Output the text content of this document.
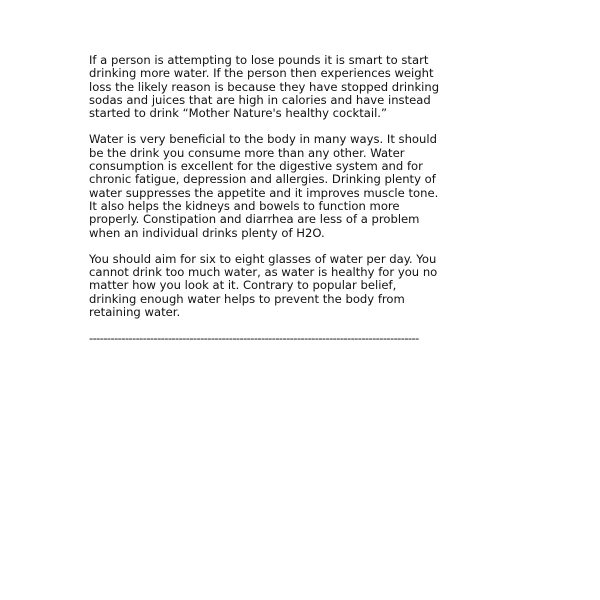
If a person is attempting to lose pounds it is smart to start
drinking more water. If the person then experiences weight
loss the likely reason is because they have stopped drinking
sodas and juices that are high in calories and have instead
started to drink “Mother Nature's healthy cocktail.”

Water is very beneficial to the body in many ways. It should
be the drink you consume more than any other. Water
consumption is excellent for the digestive system and for
chronic fatigue, depression and allergies. Drinking plenty of
water suppresses the appetite and it improves muscle tone.
It also helps the kidneys and bowels to function more
properly. Constipation and diarrhea are less of a problem
when an individual drinks plenty of H2O.

You should aim for six to eight glasses of water per day. You
cannot drink too much water, as water is healthy for you no
matter how you look at it. Contrary to popular belief,
drinking enough water helps to prevent the body from
retaining water.

--------------------------------------------------------------------------------------------
